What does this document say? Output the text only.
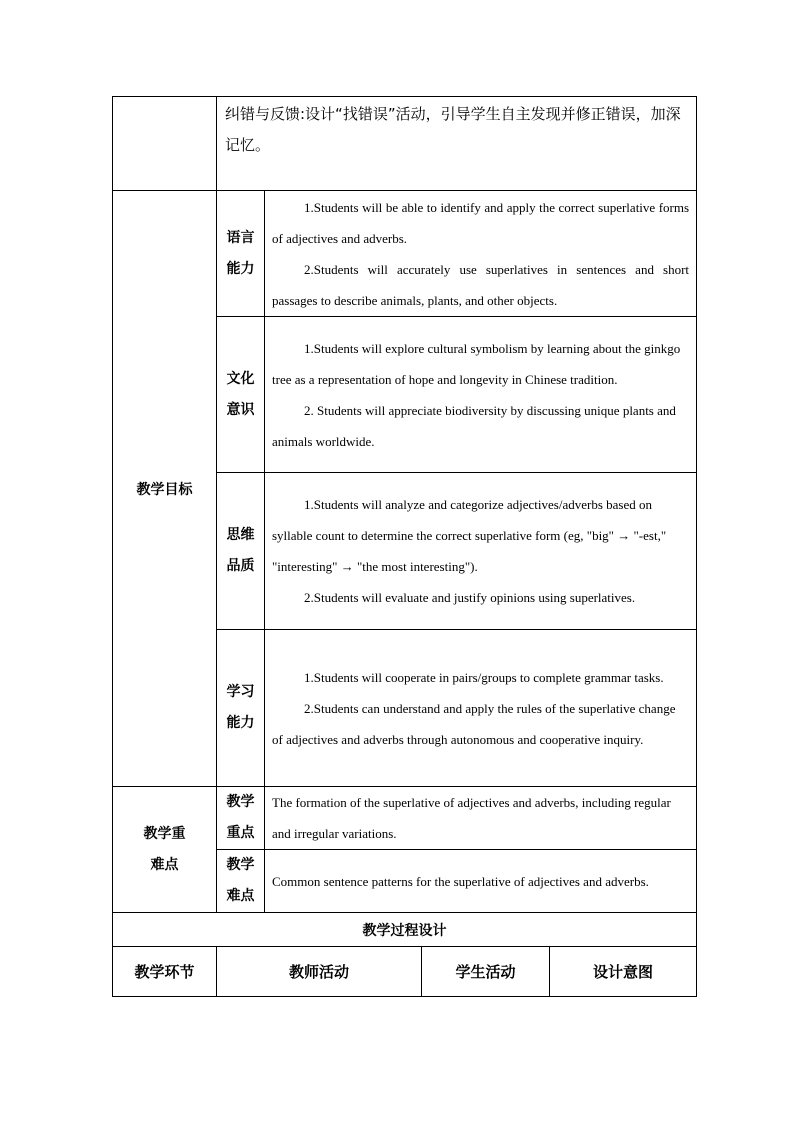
	纠错与反馈:设计“找错误”活动，引导学生自主发现并修正错误，加深记忆。			

教学目标	语言能力	1.Students will be able to identify and apply the correct superlative forms of adjectives and adverbs.

2.Students will accurately use superlatives in sentences and short passages to describe animals, plants, and other objects.		

	文化意识	1.Students will explore cultural symbolism by learning about the ginkgo tree as a representation of hope and longevity in Chinese tradition.

2. Students will appreciate biodiversity by discussing unique plants and animals worldwide.		

	思维品质	1.Students will analyze and categorize adjectives/adverbs based on syllable count to determine the correct superlative form (eg, "big" → "-est," "interesting" → "the most interesting").

2.Students will evaluate and justify opinions using superlatives.		

	学习能力	1.Students will cooperate in pairs/groups to complete grammar tasks.

2.Students can understand and apply the rules of the superlative change of adjectives and adverbs through autonomous and cooperative inquiry.		

教学重难点	教学重点	The formation of the superlative of adjectives and adverbs, including regular and irregular variations.		

	教学难点	Common sentence patterns for the superlative of adjectives and adverbs.		

教学过程设计				
教学环节	教师活动		学生活动	设计意图
